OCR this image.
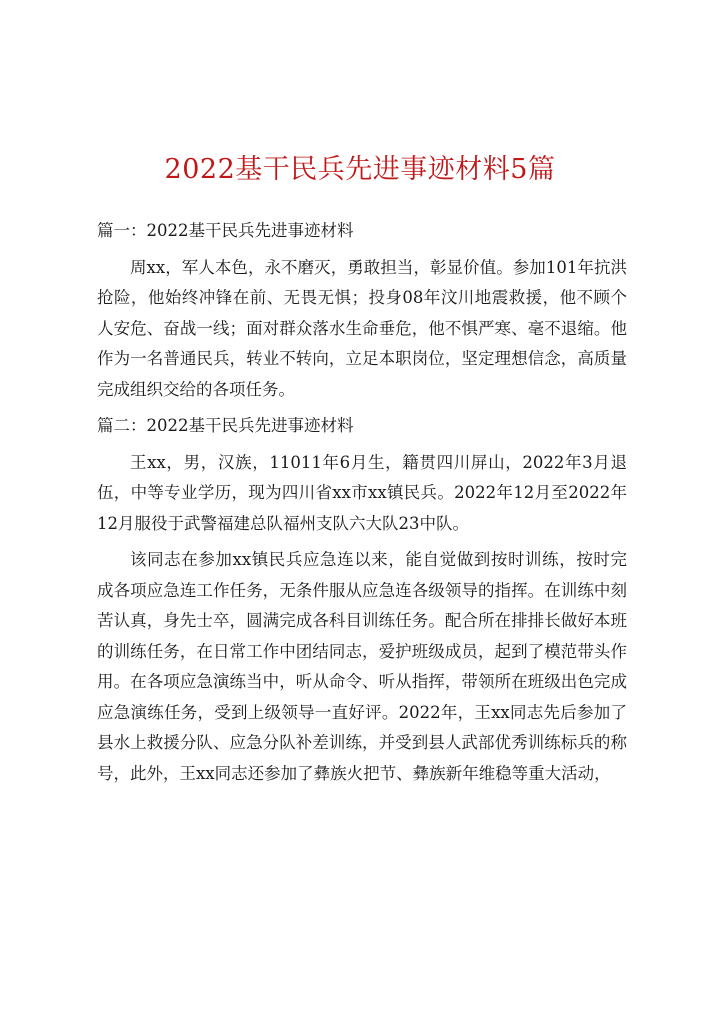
2022基干民兵先进事迹材料5篇

篇一：2022基干民兵先进事迹材料

周xx，军人本色，永不磨灭，勇敢担当，彰显价值。参加101年抗洪抢险，他始终冲锋在前、无畏无惧；投身08年汶川地震救援，他不顾个人安危、奋战一线；面对群众落水生命垂危，他不惧严寒、毫不退缩。他作为一名普通民兵，转业不转向，立足本职岗位，坚定理想信念，高质量完成组织交给的各项任务。

篇二：2022基干民兵先进事迹材料

王xx，男，汉族，11011年6月生，籍贯四川屏山，2022年3月退伍，中等专业学历，现为四川省xx市xx镇民兵。2022年12月至2022年12月服役于武警福建总队福州支队六大队23中队。

该同志在参加xx镇民兵应急连以来，能自觉做到按时训练，按时完成各项应急连工作任务，无条件服从应急连各级领导的指挥。在训练中刻苦认真，身先士卒，圆满完成各科目训练任务。配合所在排排长做好本班的训练任务，在日常工作中团结同志，爱护班级成员，起到了模范带头作用。在各项应急演练当中，听从命令、听从指挥，带领所在班级出色完成应急演练任务，受到上级领导一直好评。2022年，王xx同志先后参加了县水上救援分队、应急分队补差训练，并受到县人武部优秀训练标兵的称号，此外，王xx同志还参加了彝族火把节、彝族新年维稳等重大活动，
